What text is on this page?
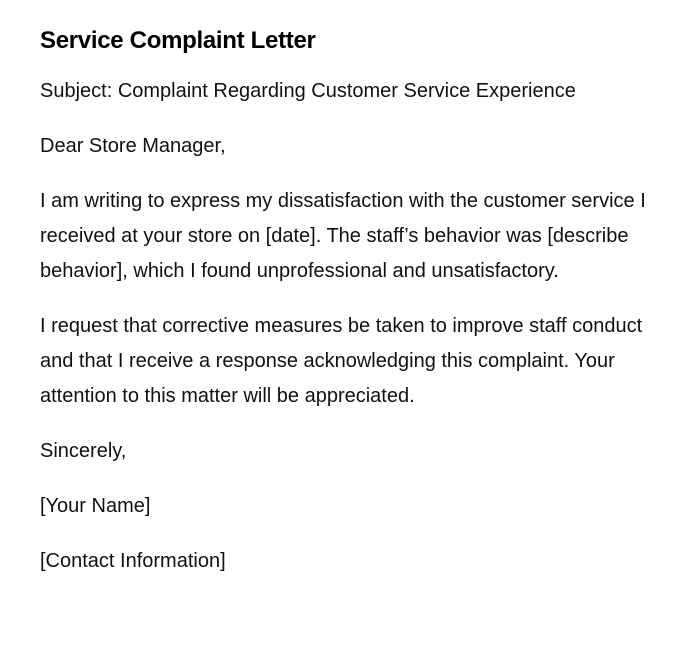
Service Complaint Letter

Subject: Complaint Regarding Customer Service Experience

Dear Store Manager,

I am writing to express my dissatisfaction with the customer service I received at your store on [date]. The staff’s behavior was [describe behavior], which I found unprofessional and unsatisfactory.

I request that corrective measures be taken to improve staff conduct and that I receive a response acknowledging this complaint. Your attention to this matter will be appreciated.

Sincerely,

[Your Name]

[Contact Information]
